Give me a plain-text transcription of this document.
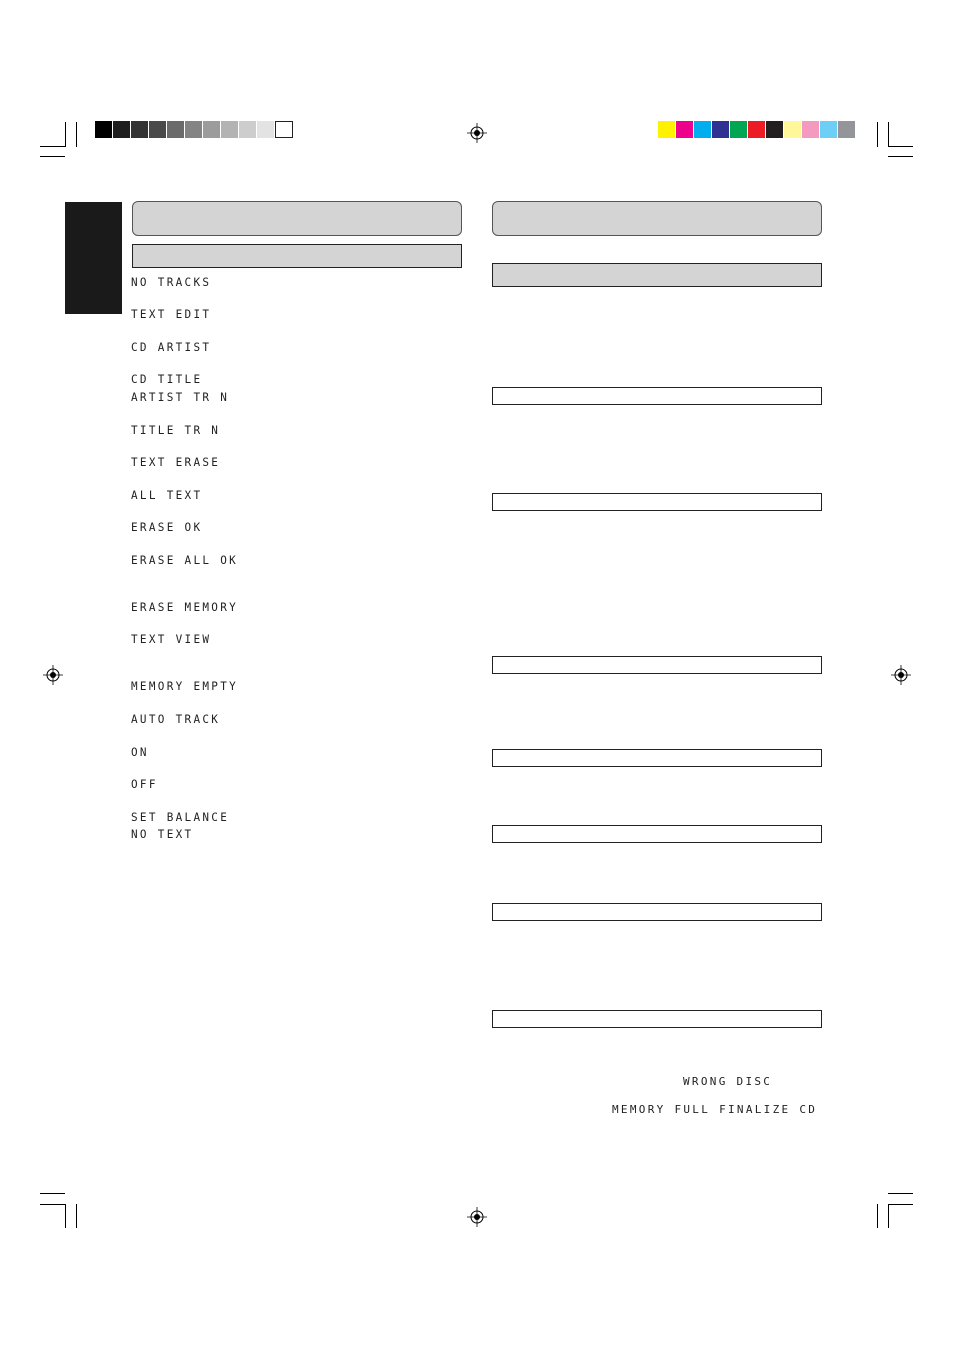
NO TRACKS
TEXT EDIT
CD ARTIST
CD TITLE
ARTIST TR N
TITLE TR N
TEXT ERASE
ALL TEXT
ERASE OK
ERASE ALL OK
ERASE MEMORY
TEXT VIEW
MEMORY EMPTY
AUTO TRACK
ON
OFF
SET BALANCE
NO TEXT
WRONG DISC
MEMORY FULL FINALIZE CD
